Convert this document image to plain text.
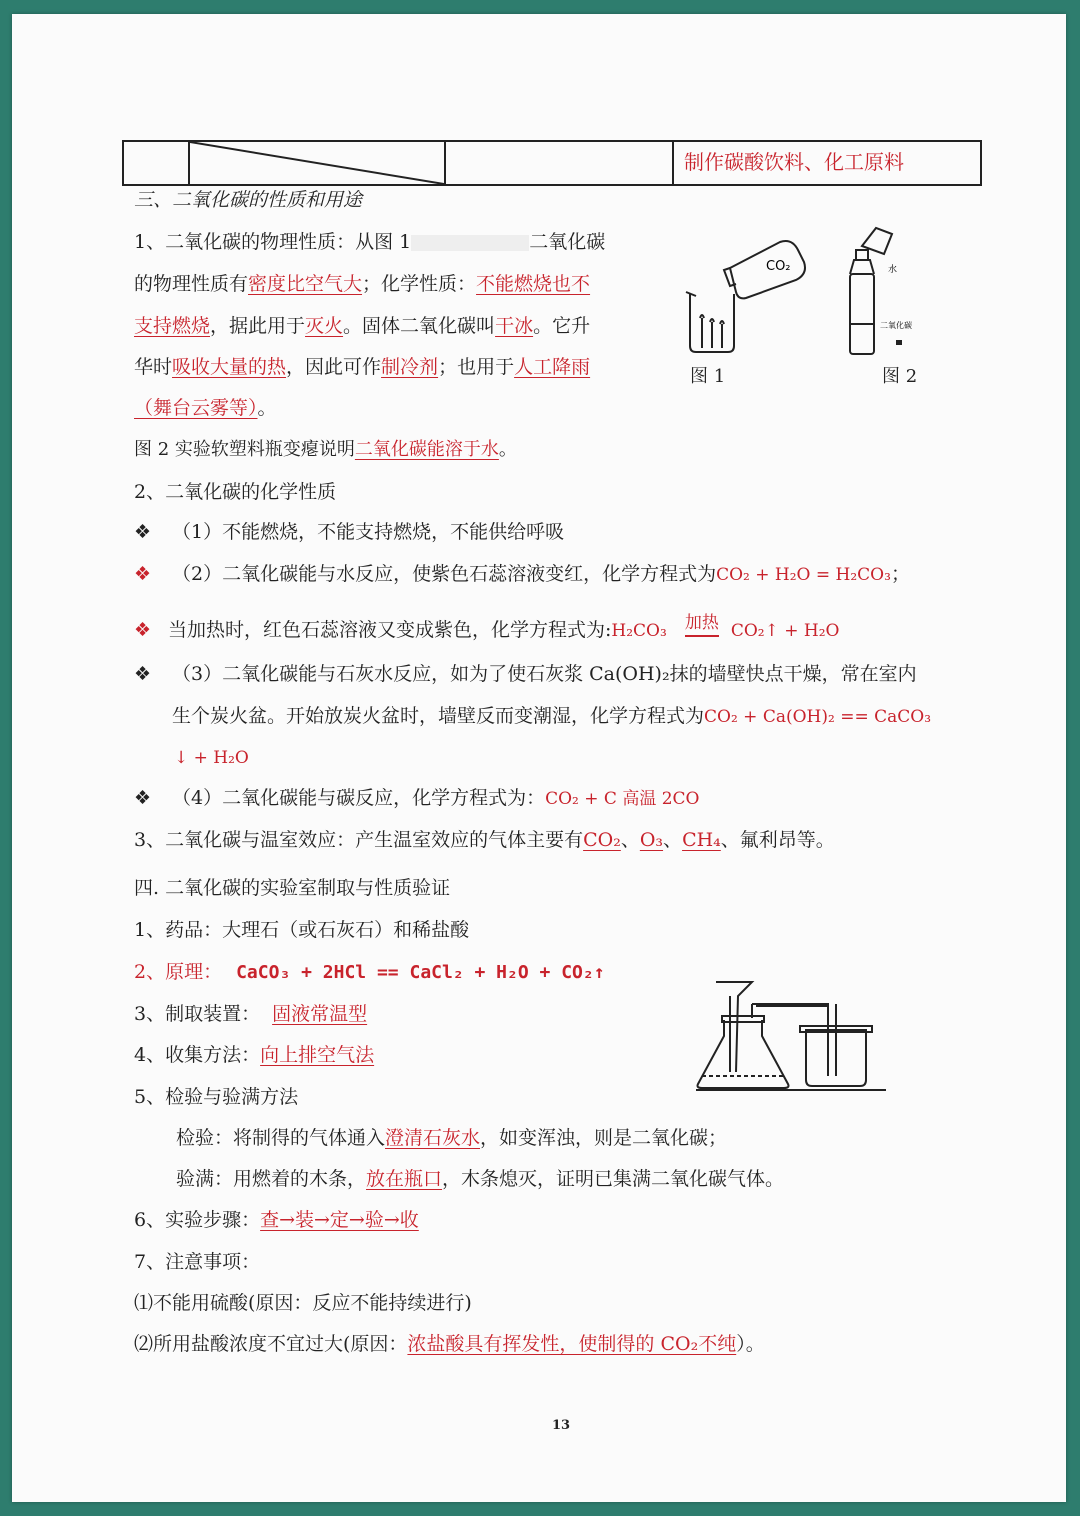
制作碳酸饮料、化工原料
三、二氧化碳的性质和用途
1、二氧化碳的物理性质：从图 1	二氧化碳
的物理性质有密度比空气大；化学性质：不能燃烧也不
支持燃烧，据此用于灭火。固体二氧化碳叫干冰。它升
华时吸收大量的热，因此可作制冷剂；也用于人工降雨
（舞台云雾等）。
图 2 实验软塑料瓶变瘪说明二氧化碳能溶于水。
CO₂
图 1
水
二氧化碳
图 2
2、二氧化碳的化学性质
❖ （1）不能燃烧，不能支持燃烧，不能供给呼吸
❖ （2）二氧化碳能与水反应，使紫色石蕊溶液变红，化学方程式为CO₂ + H₂O = H₂CO₃；
❖ 当加热时，红色石蕊溶液又变成紫色，化学方程式为:H₂CO₃ 加热 CO₂↑ + H₂O
❖ （3）二氧化碳能与石灰水反应，如为了使石灰浆 Ca(OH)₂抹的墙壁快点干燥，常在室内
生个炭火盆。开始放炭火盆时，墙壁反而变潮湿，化学方程式为CO₂ + Ca(OH)₂ == CaCO₃
↓ + H₂O
❖ （4）二氧化碳能与碳反应，化学方程式为：CO₂ + C 高温 2CO
3、二氧化碳与温室效应：产生温室效应的气体主要有CO₂、O₃、CH₄、氟利昂等。
四. 二氧化碳的实验室制取与性质验证
1、药品：大理石（或石灰石）和稀盐酸
2、原理： CaCO₃ + 2HCl == CaCl₂ + H₂O + CO₂↑
3、制取装置： 固液常温型
4、收集方法：向上排空气法
5、检验与验满方法
检验：将制得的气体通入澄清石灰水，如变浑浊，则是二氧化碳；
验满：用燃着的木条，放在瓶口，木条熄灭，证明已集满二氧化碳气体。
6、实验步骤：查→装→定→验→收
7、注意事项：
⑴不能用硫酸(原因：反应不能持续进行)
⑵所用盐酸浓度不宜过大(原因：浓盐酸具有挥发性，使制得的 CO₂不纯）。
13
